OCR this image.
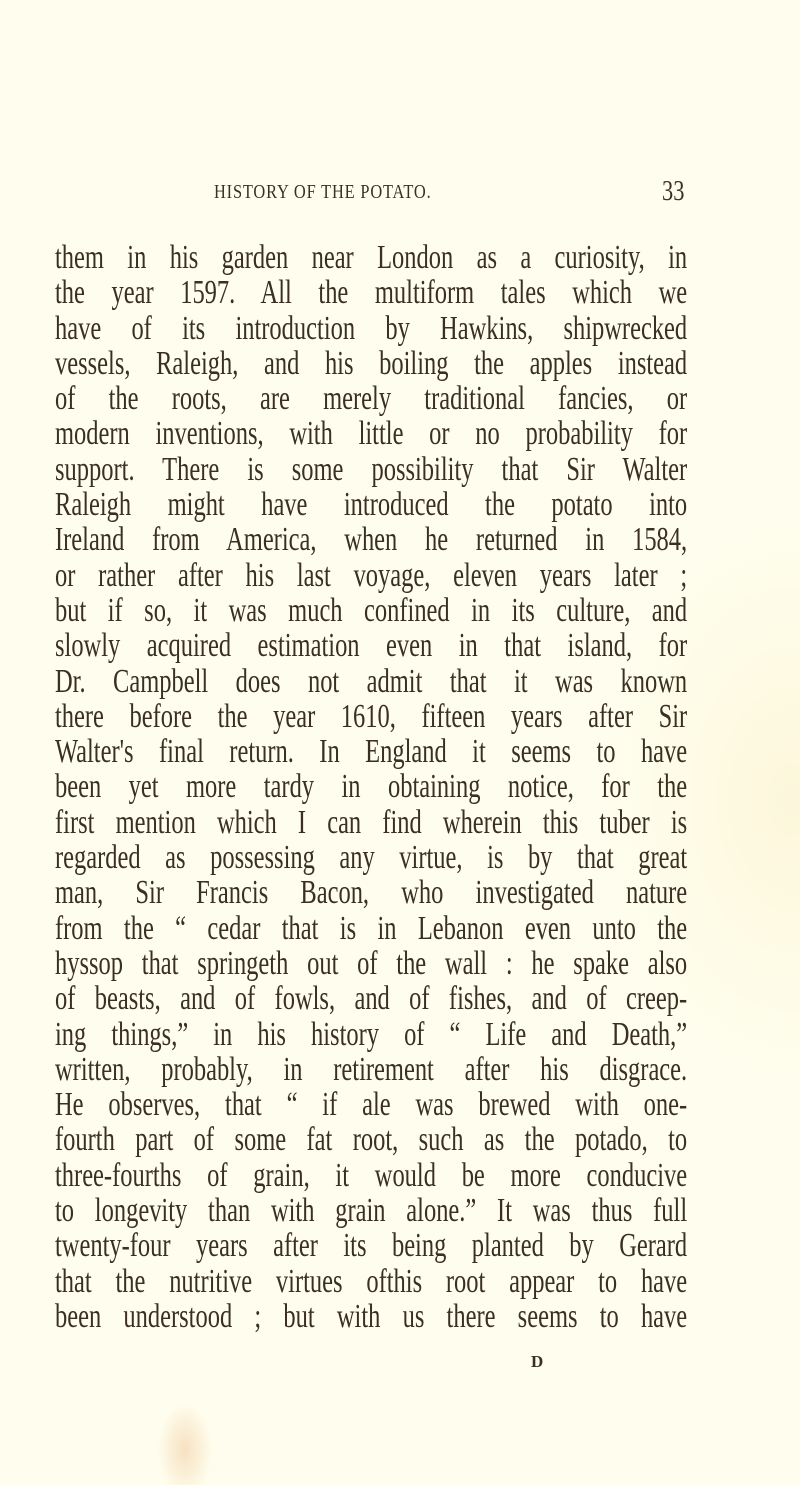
HISTORY OF THE POTATO.	33
them in his garden near London as a curiosity, in
the year 1597. All the multiform tales which we
have of its introduction by Hawkins, shipwrecked
vessels, Raleigh, and his boiling the apples instead
of the roots, are merely traditional fancies, or
modern inventions, with little or no probability for
support. There is some possibility that Sir Walter
Raleigh might have introduced the potato into
Ireland from America, when he returned in 1584,
or rather after his last voyage, eleven years later ;
but if so, it was much confined in its culture, and
slowly acquired estimation even in that island, for
Dr. Campbell does not admit that it was known
there before the year 1610, fifteen years after Sir
Walter's final return. In England it seems to have
been yet more tardy in obtaining notice, for the
first mention which I can find wherein this tuber is
regarded as possessing any virtue, is by that great
man, Sir Francis Bacon, who investigated nature
from the “ cedar that is in Lebanon even unto the
hyssop that springeth out of the wall : he spake also
of beasts, and of fowls, and of fishes, and of creep-
ing things,” in his history of “ Life and Death,”
written, probably, in retirement after his disgrace.
He observes, that “ if ale was brewed with one-
fourth part of some fat root, such as the potado, to
three-fourths of grain, it would be more conducive
to longevity than with grain alone.” It was thus full
twenty-four years after its being planted by Gerard
that the nutritive virtues ofthis root appear to have
been understood ; but with us there seems to have
D
